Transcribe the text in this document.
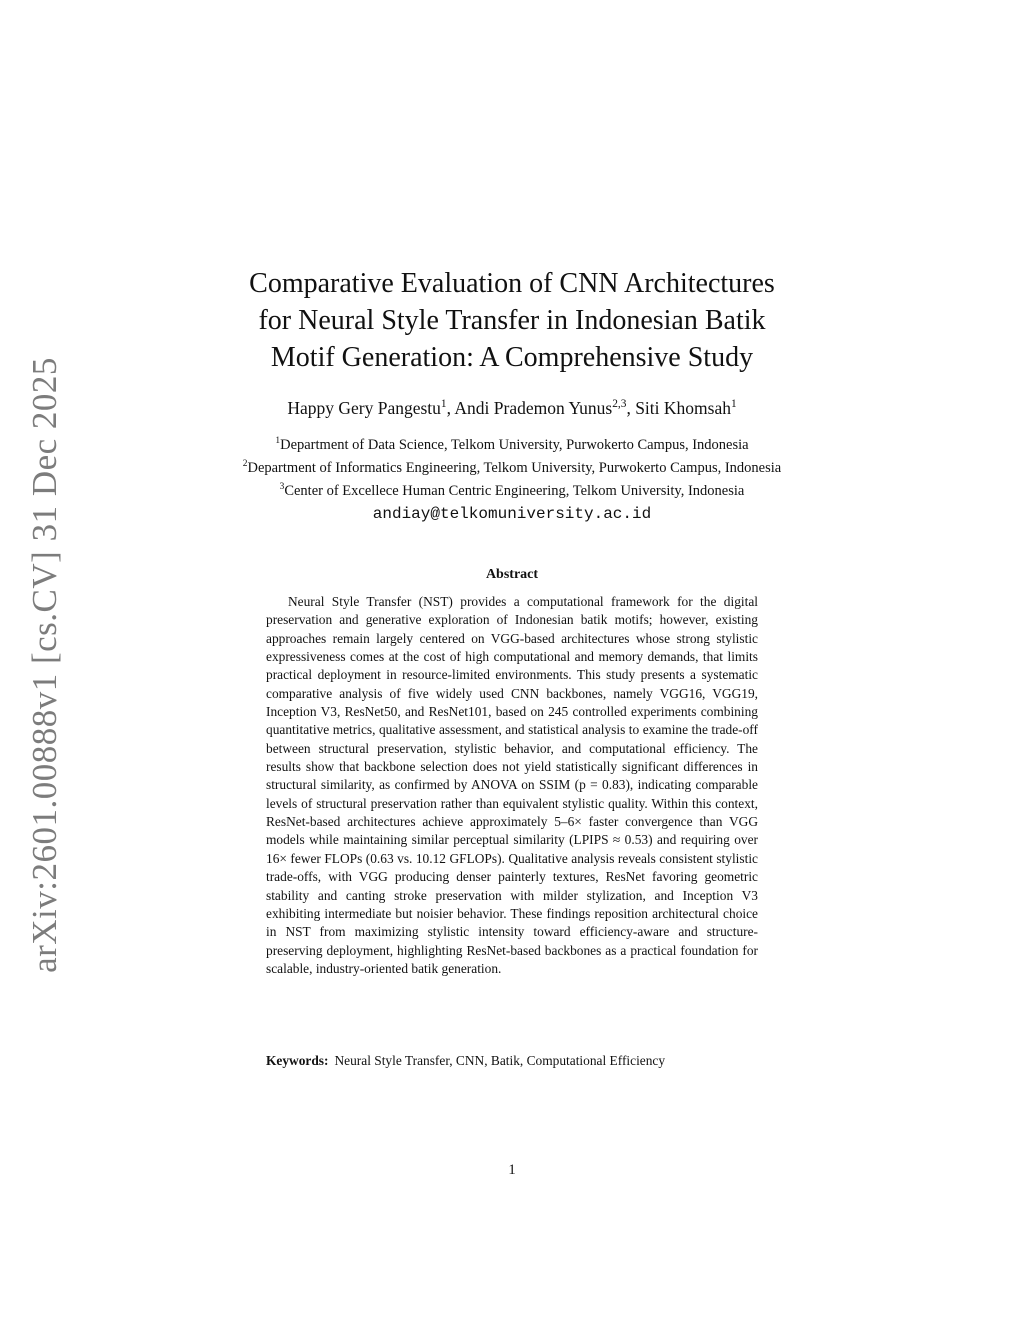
arXiv:2601.00888v1 [cs.CV] 31 Dec 2025
Comparative Evaluation of CNN Architectures
for Neural Style Transfer in Indonesian Batik
Motif Generation: A Comprehensive Study
Happy Gery Pangestu$^1$, Andi Prademon Yunus$^{2,3}$, Siti Khomsah$^1$
$^1$Department of Data Science, Telkom University, Purwokerto Campus, Indonesia
$^2$Department of Informatics Engineering, Telkom University, Purwokerto Campus, Indonesia
$^3$Center of Excellece Human Centric Engineering, Telkom University, Indonesia
andiay@telkomuniversity.ac.id
Abstract

Neural Style Transfer (NST) provides a computational framework for the digital preservation and generative exploration of Indonesian batik motifs; however, existing approaches remain largely centered on VGG-based architectures whose strong stylistic expressiveness comes at the cost of high computational and memory demands, that limits practical deployment in resource-limited environments. This study presents a systematic comparative analysis of five widely used CNN backbones, namely VGG16, VGG19, Inception V3, ResNet50, and ResNet101, based on 245 controlled experiments combining quantitative metrics, qualitative assessment, and statistical analysis to examine the trade-off between structural preservation, stylistic behavior, and computational efficiency. The results show that backbone selection does not yield statistically significant differences in structural similarity, as confirmed by ANOVA on SSIM (p = 0.83), indicating comparable levels of structural preservation rather than equivalent stylistic quality. Within this context, ResNet-based architectures achieve approximately 5–6× faster convergence than VGG models while maintaining similar perceptual similarity (LPIPS ≈ 0.53) and requiring over 16× fewer FLOPs (0.63 vs. 10.12 GFLOPs). Qualitative analysis reveals consistent stylistic trade-offs, with VGG producing denser painterly textures, ResNet favoring geometric stability and canting stroke preservation with milder stylization, and Inception V3 exhibiting intermediate but noisier behavior. These findings reposition architectural choice in NST from maximizing stylistic intensity toward efficiency-aware and structure-preserving deployment, highlighting ResNet-based backbones as a practical foundation for scalable, industry-oriented batik generation.

Keywords: Neural Style Transfer, CNN, Batik, Computational Efficiency

1
